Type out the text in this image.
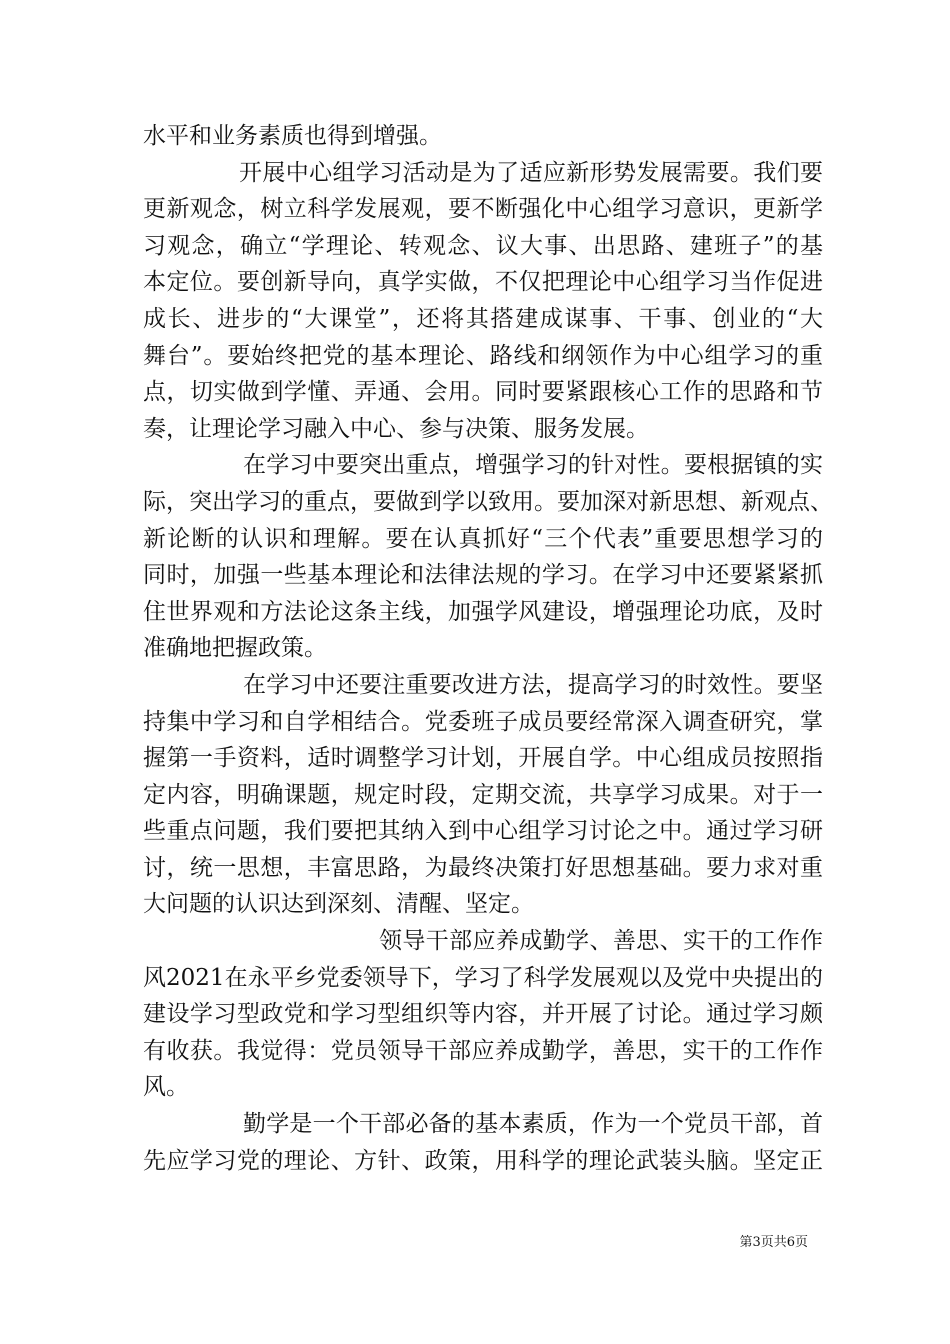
水平和业务素质也得到增强。
开展中心组学习活动是为了适应新形势发展需要。我们要
更新观念，树立科学发展观，要不断强化中心组学习意识，更新学
习观念，确立“学理论、转观念、议大事、出思路、建班子”的基
本定位。要创新导向，真学实做，不仅把理论中心组学习当作促进
成长、进步的“大课堂”，还将其搭建成谋事、干事、创业的“大
舞台”。要始终把党的基本理论、路线和纲领作为中心组学习的重
点，切实做到学懂、弄通、会用。同时要紧跟核心工作的思路和节
奏，让理论学习融入中心、参与决策、服务发展。
在学习中要突出重点，增强学习的针对性。要根据镇的实
际，突出学习的重点，要做到学以致用。要加深对新思想、新观点、
新论断的认识和理解。要在认真抓好“三个代表”重要思想学习的
同时，加强一些基本理论和法律法规的学习。在学习中还要紧紧抓
住世界观和方法论这条主线，加强学风建设，增强理论功底，及时
准确地把握政策。
在学习中还要注重要改进方法，提高学习的时效性。要坚
持集中学习和自学相结合。党委班子成员要经常深入调查研究，掌
握第一手资料，适时调整学习计划，开展自学。中心组成员按照指
定内容，明确课题，规定时段，定期交流，共享学习成果。对于一
些重点问题，我们要把其纳入到中心组学习讨论之中。通过学习研
讨，统一思想，丰富思路，为最终决策打好思想基础。要力求对重
大问题的认识达到深刻、清醒、坚定。
领导干部应养成勤学、善思、实干的工作作
风2021在永平乡党委领导下，学习了科学发展观以及党中央提出的
建设学习型政党和学习型组织等内容，并开展了讨论。通过学习颇
有收获。我觉得：党员领导干部应养成勤学，善思，实干的工作作
风。
勤学是一个干部必备的基本素质，作为一个党员干部，首
先应学习党的理论、方针、政策，用科学的理论武装头脑。坚定正
第3页共6页
